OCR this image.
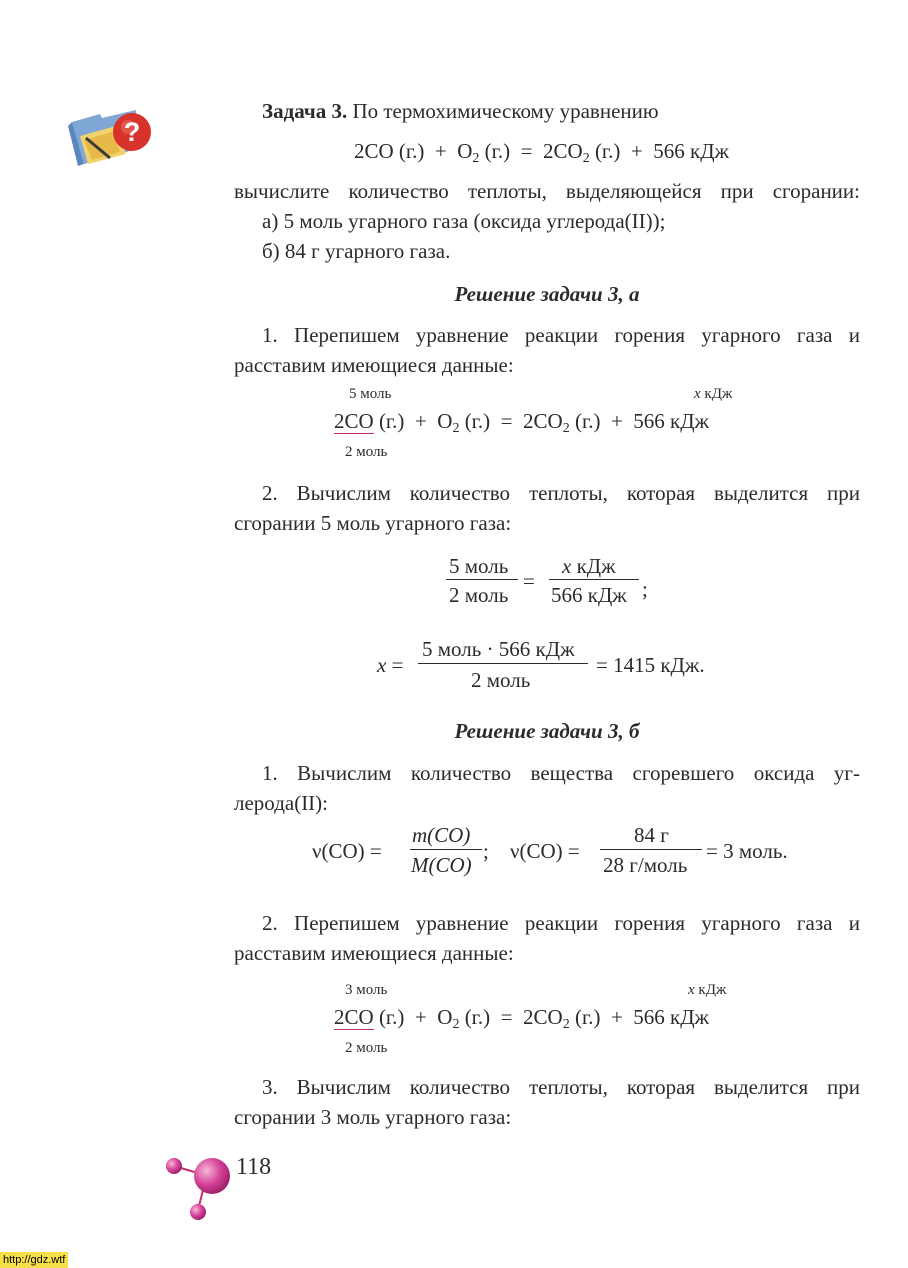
?
Задача 3. По термохимическому уравнению
2CO $(г.) + O_2$ $(г.) = 2CO_2$ (г.) + 566 кДж
вычислите количество теплоты, выделяющейся при сгорании:
а) 5 моль угарного газа (оксида углерода(II));
б) 84 г угарного газа.
Решение задачи 3, а
1. Перепишем уравнение реакции горения угарного газа и
расставим имеющиеся данные:
5 моль	x кДж
2CO $(г.) + O_2$ $(г.) = 2CO_2$ (г.) + 566 кДж
2 моль
2. Вычислим количество теплоты, которая выделится при
сгорании 5 моль угарного газа:
5 моль
2 моль
=
x кДж
566 кДж ;
x =
5 моль · 566 кДж
2 моль
= 1415 кДж.
Решение задачи 3, б
1. Вычислим количество вещества сгоревшего оксида уг-
лерода(II):
ν(CO) =
m(CO)
M(CO)
; ν(CO) =
84 г
28 г/моль
= 3 моль.
2. Перепишем уравнение реакции горения угарного газа и
расставим имеющиеся данные:
3 моль	x кДж
2CO $(г.) + O_2$ $(г.) = 2CO_2$ (г.) + 566 кДж
2 моль
3. Вычислим количество теплоты, которая выделится при
сгорании 3 моль угарного газа:
118
http://gdz.wtf
